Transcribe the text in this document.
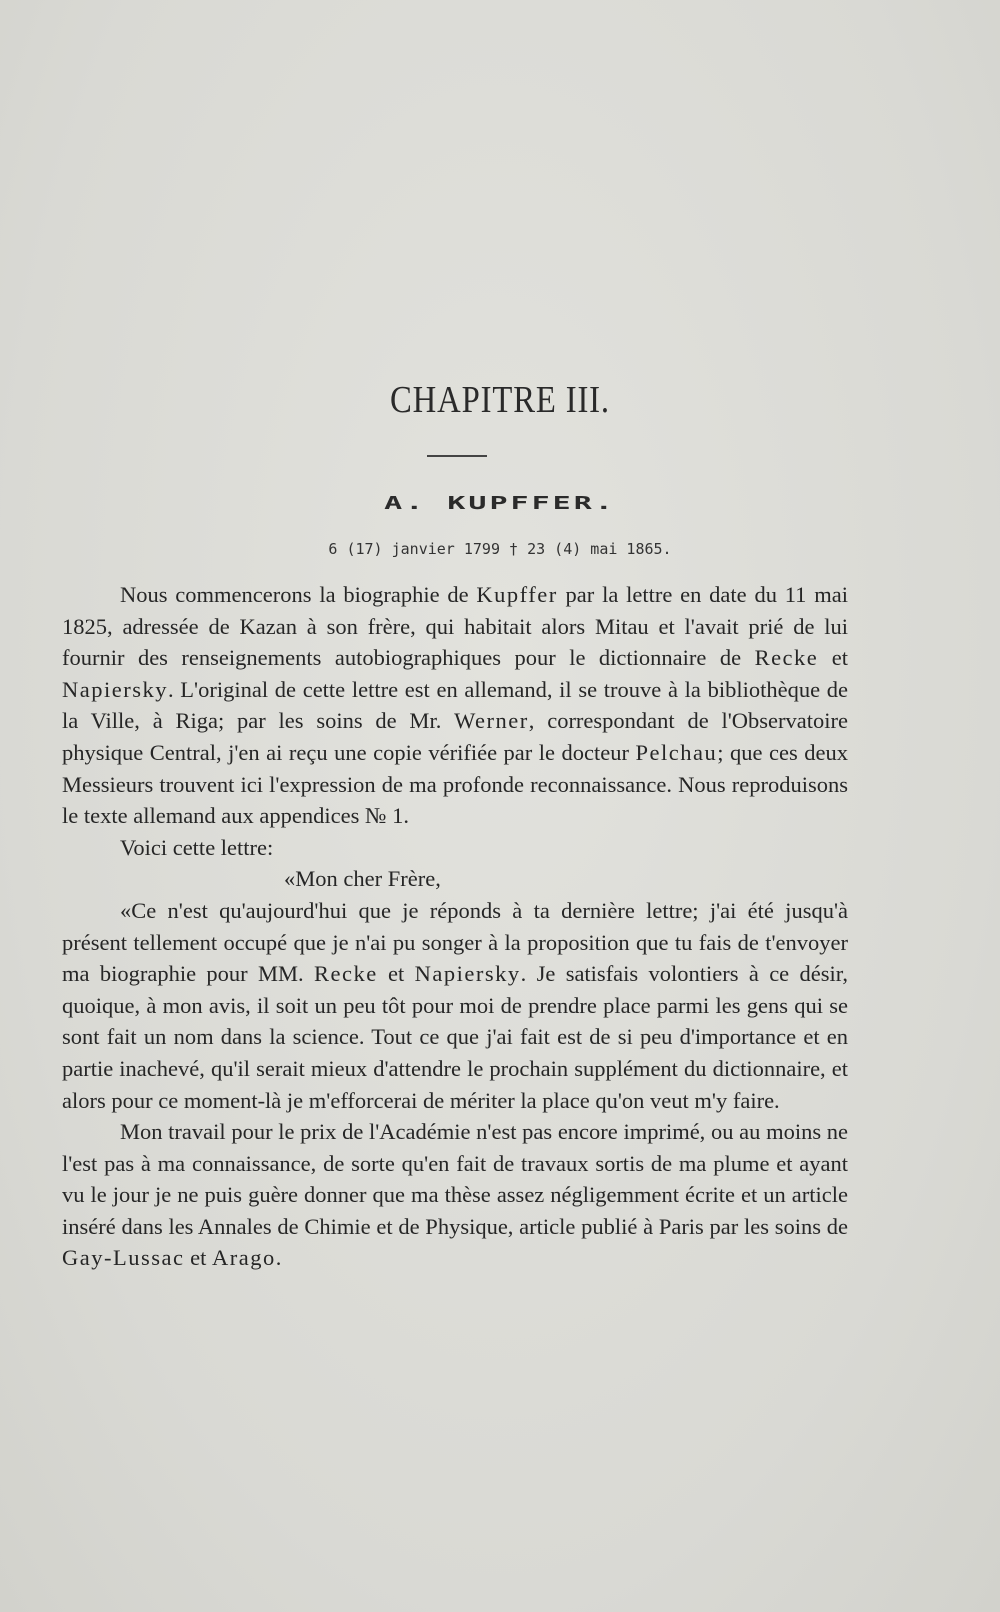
CHAPITRE III.
A. KUPFFER.
6 (17) janvier 1799 † 23 (4) mai 1865.

Nous commencerons la biographie de Kupffer par la lettre en date du 11 mai 1825, adressée de Kazan à son frère, qui habitait alors Mitau et l'avait prié de lui fournir des renseignements autobiographiques pour le dictionnaire de Recke et Napiersky. L'original de cette lettre est en allemand, il se trouve à la bibliothèque de la Ville, à Riga; par les soins de Mr. Werner, correspondant de l'Observatoire physique Central, j'en ai reçu une copie vérifiée par le docteur Pelchau; que ces deux Messieurs trouvent ici l'expression de ma profonde reconnaissance. Nous reproduisons le texte allemand aux appendices № 1.

Voici cette lettre:

«Mon cher Frère,

«Ce n'est qu'aujourd'hui que je réponds à ta dernière lettre; j'ai été jusqu'à présent tellement occupé que je n'ai pu songer à la proposition que tu fais de t'envoyer ma biographie pour MM. Recke et Napiersky. Je satisfais volontiers à ce désir, quoique, à mon avis, il soit un peu tôt pour moi de prendre place parmi les gens qui se sont fait un nom dans la science. Tout ce que j'ai fait est de si peu d'importance et en partie inachevé, qu'il serait mieux d'attendre le prochain supplément du dictionnaire, et alors pour ce moment-là je m'efforcerai de mériter la place qu'on veut m'y faire.

Mon travail pour le prix de l'Académie n'est pas encore imprimé, ou au moins ne l'est pas à ma connaissance, de sorte qu'en fait de travaux sortis de ma plume et ayant vu le jour je ne puis guère donner que ma thèse assez négligemment écrite et un article inséré dans les Annales de Chimie et de Physique, article publié à Paris par les soins de Gay-Lussac et Arago.
